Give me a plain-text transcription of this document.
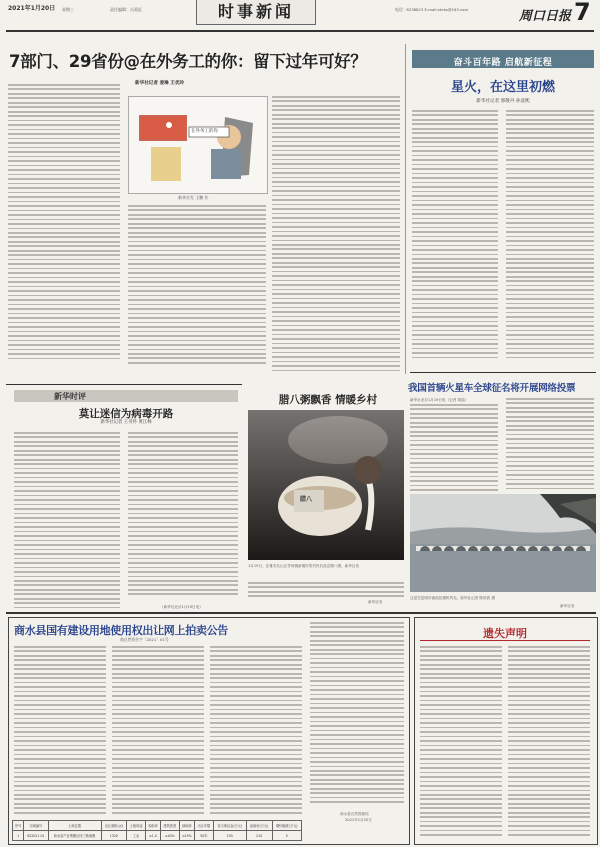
2021年1月20日 星期三	责任编辑：冯爱征	时事新闻	电话：6238823 E-mail:zkrbs@163.com	周口日报 7
7部门、29省份@在外务工的你：留下过年可好？
在外务工的你
新华社发 王鹏 作
新华社记者 姜琳 王优玲
奋斗百年路 启航新征程
星火，在这里初燃
新华社记者 郭敬丹 孙彦熙
我国首辆火星车全球征名将开展网络投票
新华社北京1月19日电（记者 胡喆）
新华时评
莫让迷信为病毒开路
新华社记者 王舟怀 黄江林
（新华社北京1月19日电）
腊八粥飘香 情暖乡村
腊八
1月19日，在雅安名山区茅河镇新楼村的村民们品尝腊八粥。新华社发
新华社发
这是在昆明市滇池拍摄的风光。新华社记者 陈欣波 摄
新华社发
商水县国有建设用地使用权出让网上拍卖公告
商自然资告字〔2021〕01号
商水县自然资源局
2021年1月20日
序号	宗地编号	土地位置	出让面积(㎡)	土地用途	容积率	建筑密度	绿地率	出让年限	竞买保证金(万元)	起始价(万元)	增价幅度(万元)
1	SS2021-01	商水县产业集聚区纬三路南侧	1320	工业	≥1.0	≥40%	≤15%	50年	105	210	5
遗失声明
